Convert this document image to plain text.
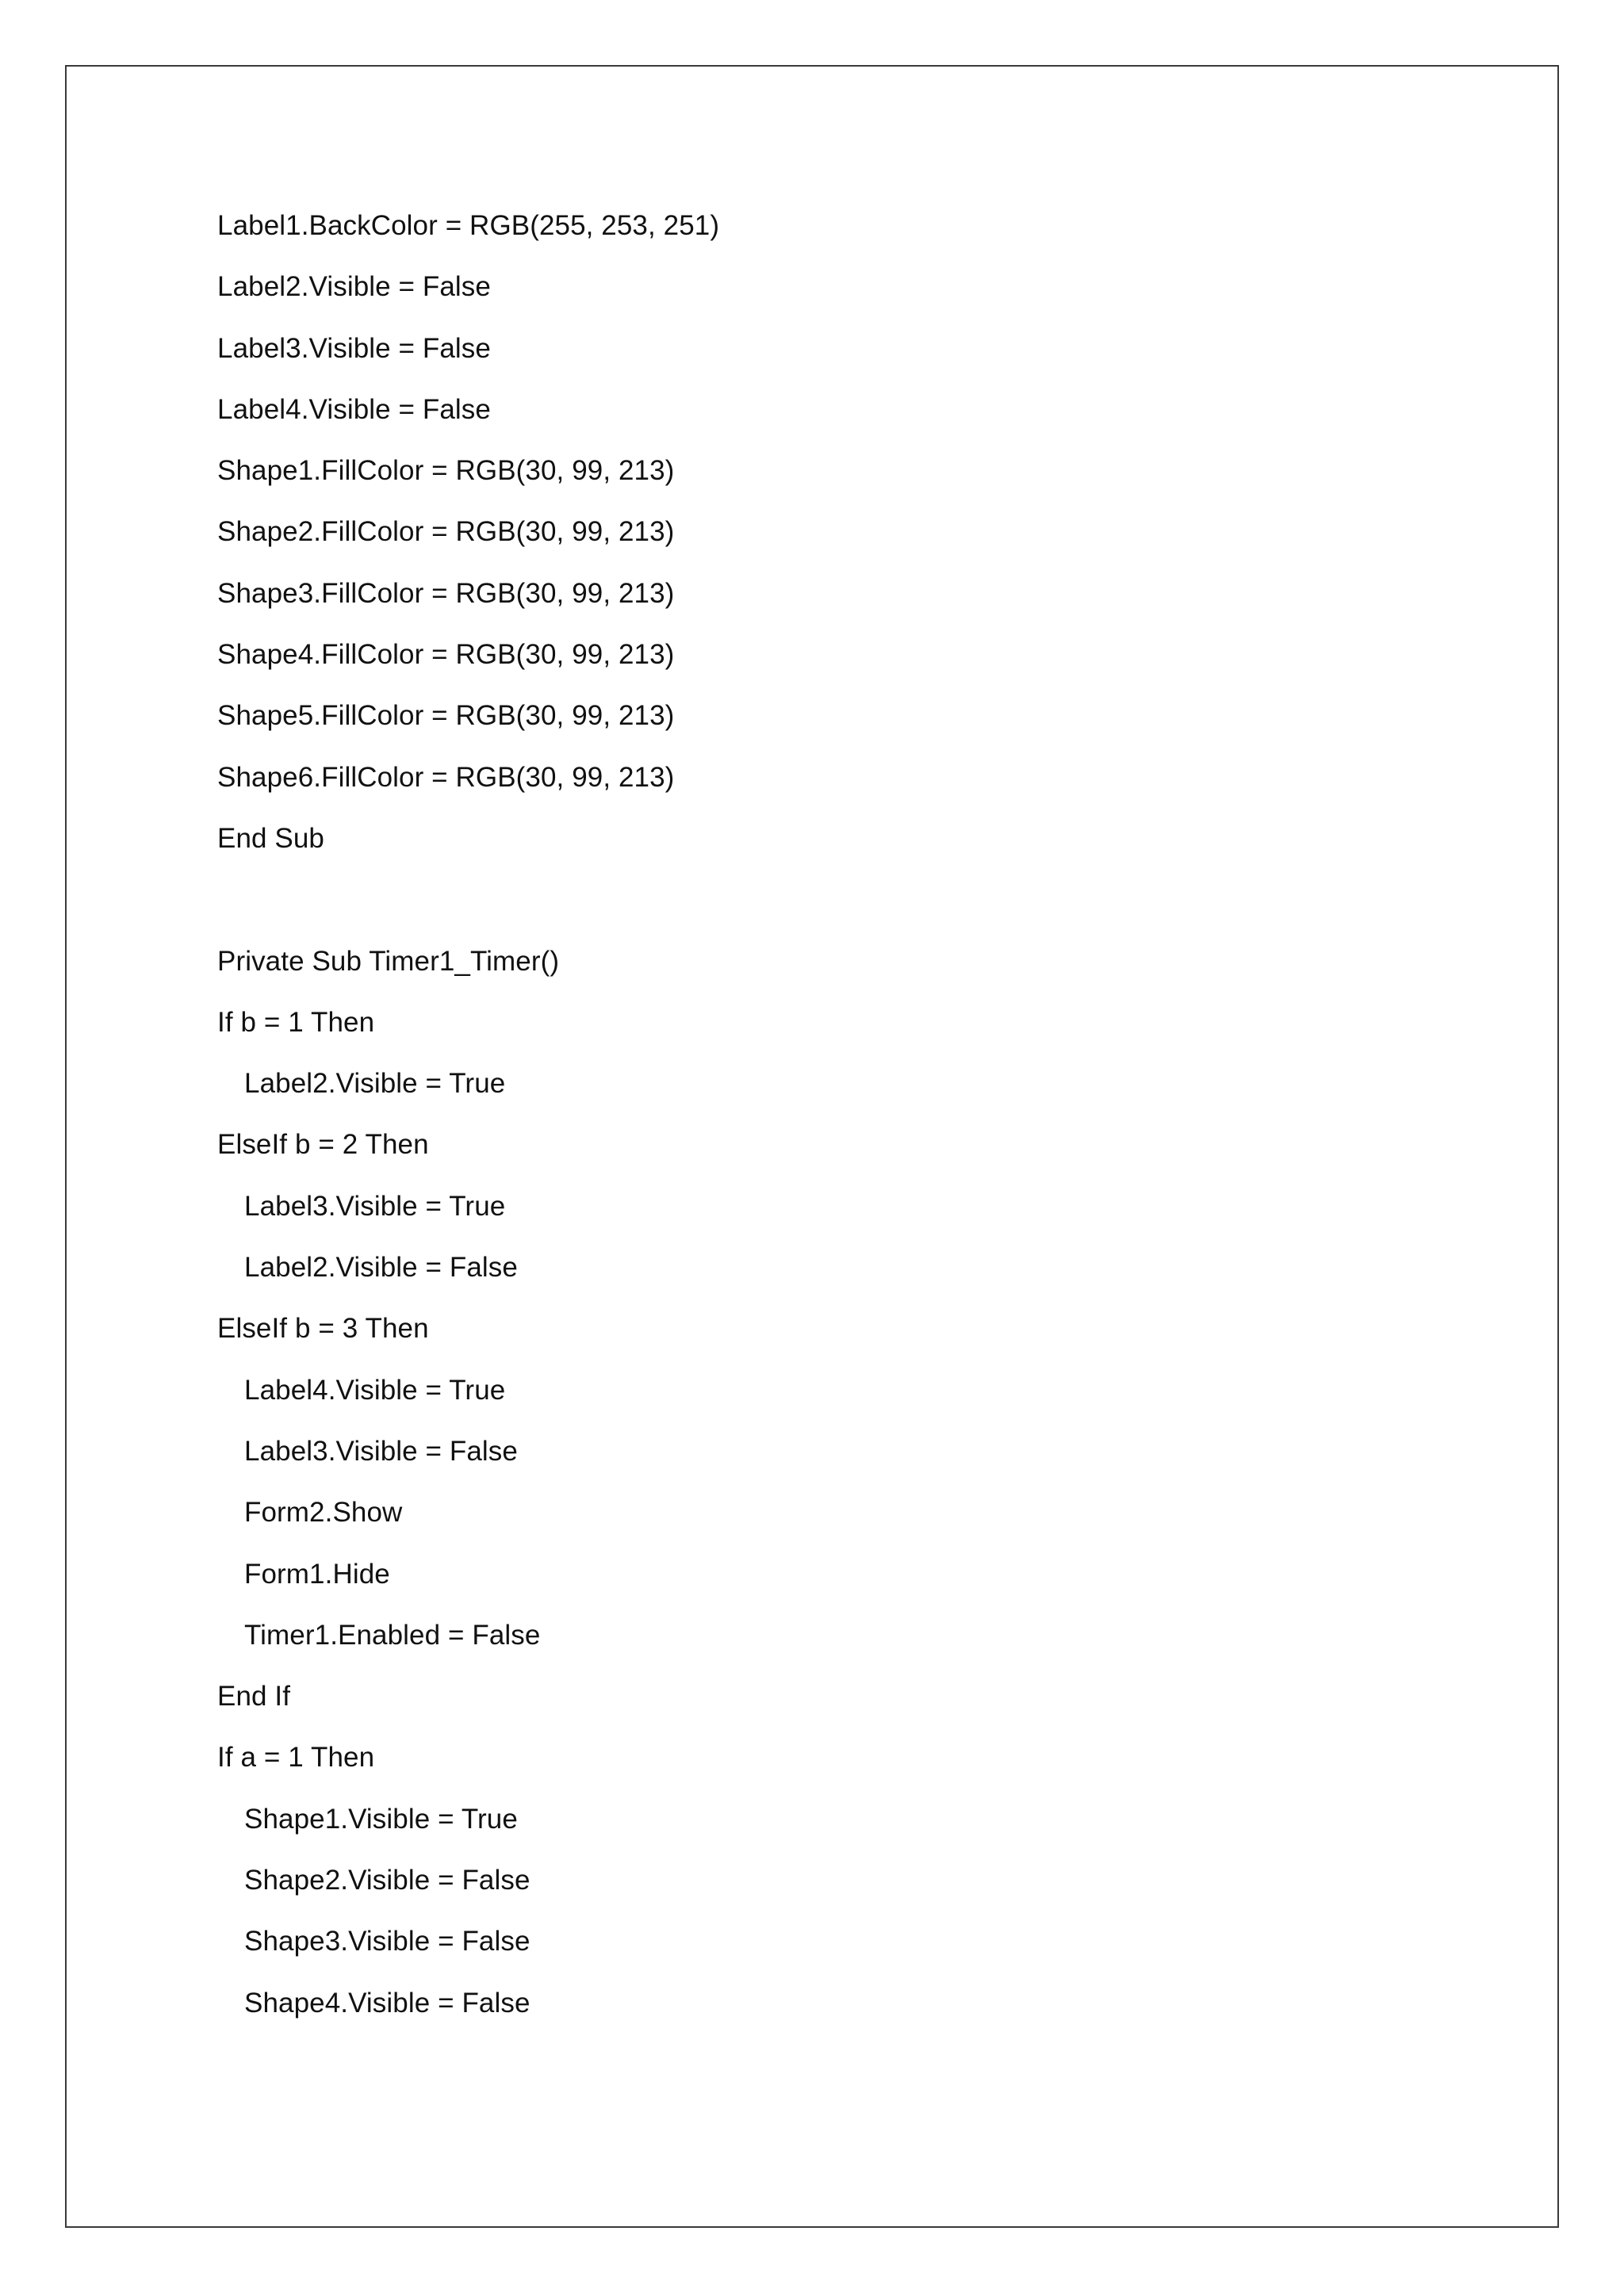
Label1.BackColor = RGB(255, 253, 251)
Label2.Visible = False
Label3.Visible = False
Label4.Visible = False
Shape1.FillColor = RGB(30, 99, 213)
Shape2.FillColor = RGB(30, 99, 213)
Shape3.FillColor = RGB(30, 99, 213)
Shape4.FillColor = RGB(30, 99, 213)
Shape5.FillColor = RGB(30, 99, 213)
Shape6.FillColor = RGB(30, 99, 213)
End Sub
Private Sub Timer1_Timer()
If b = 1 Then
Label2.Visible = True
ElseIf b = 2 Then
Label3.Visible = True
Label2.Visible = False
ElseIf b = 3 Then
Label4.Visible = True
Label3.Visible = False
Form2.Show
Form1.Hide
Timer1.Enabled = False
End If
If a = 1 Then
Shape1.Visible = True
Shape2.Visible = False
Shape3.Visible = False
Shape4.Visible = False
